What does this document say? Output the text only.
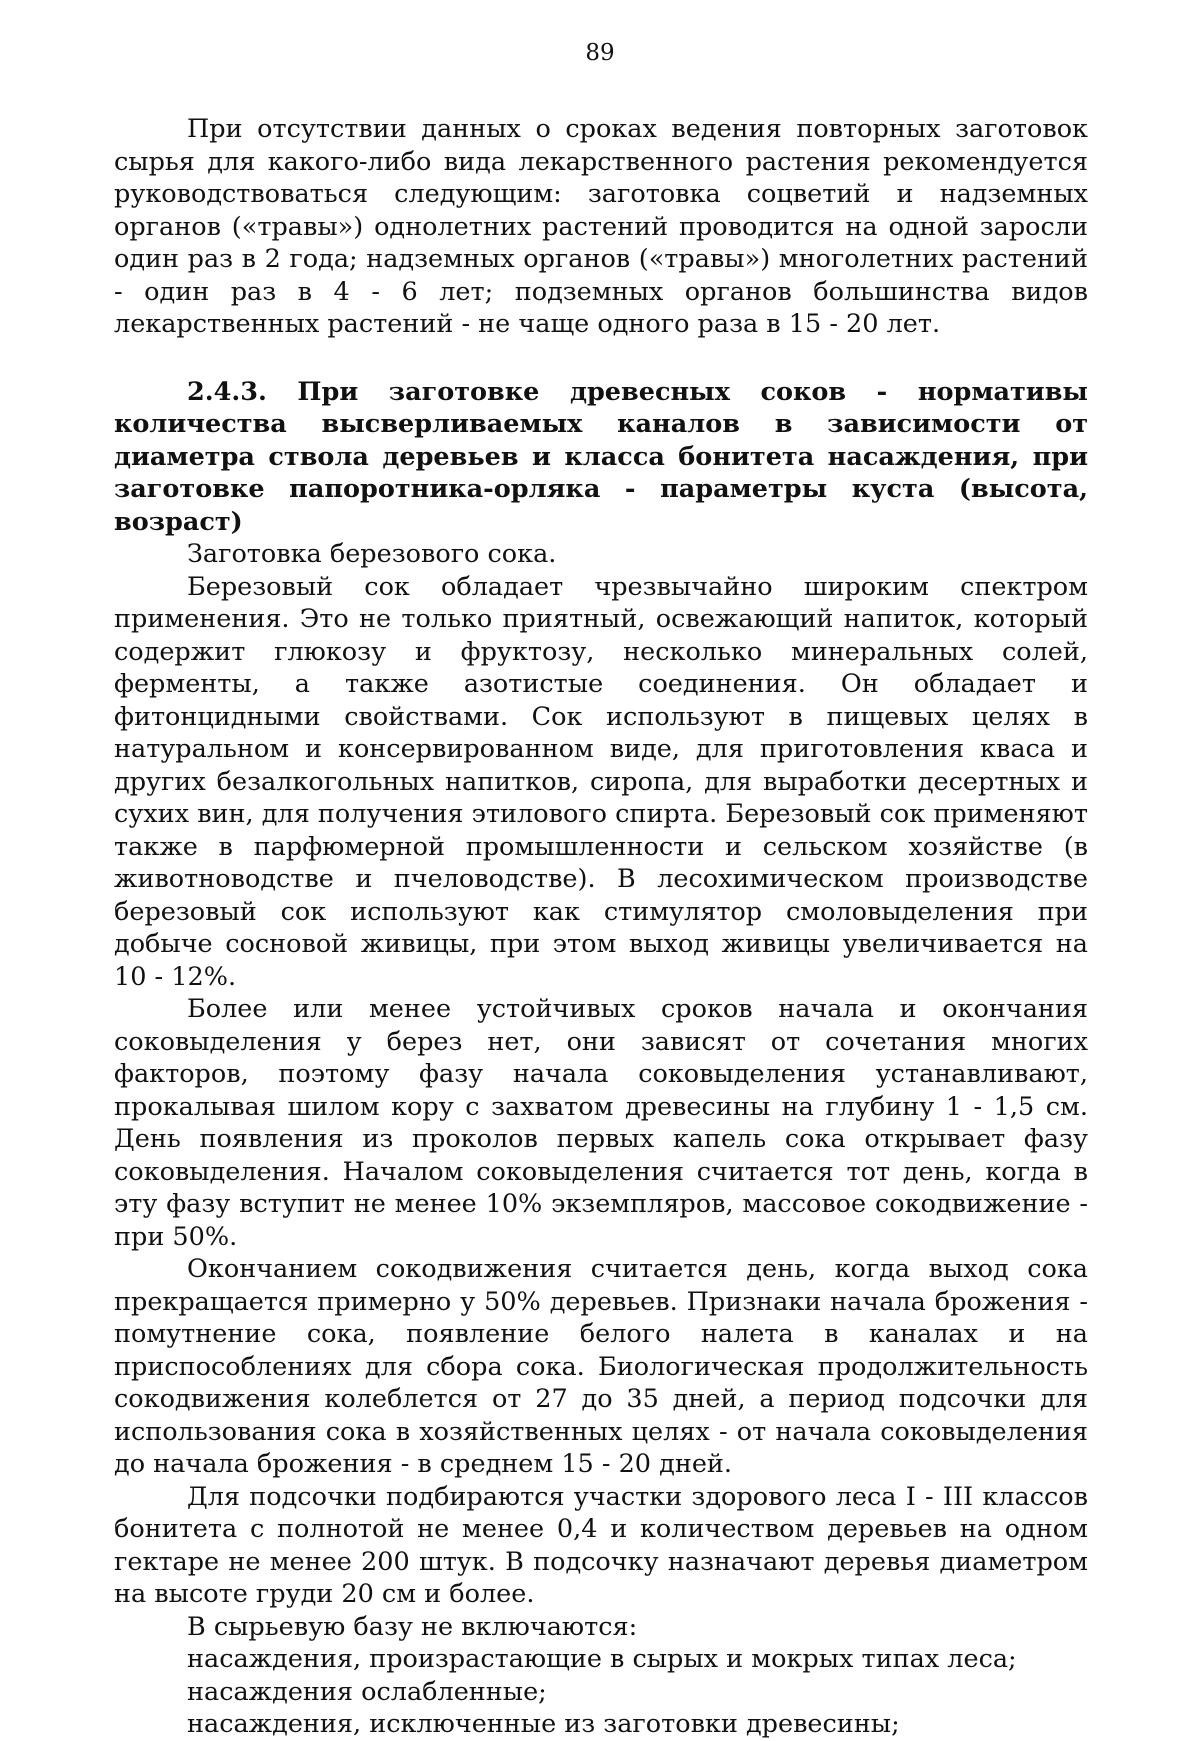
89

При отсутствии данных о сроках ведения повторных заготовок сырья для какого-либо вида лекарственного растения рекомендуется руководствоваться следующим: заготовка соцветий и надземных органов («травы») однолетних растений проводится на одной заросли один раз в 2 года; надземных органов («травы») многолетних растений - один раз в 4 - 6 лет; подземных органов большинства видов лекарственных растений - не чаще одного раза в 15 - 20 лет.

2.4.3. При заготовке древесных соков - нормативы количества высверливаемых каналов в зависимости от диаметра ствола деревьев и класса бонитета насаждения, при заготовке папоротника-орляка - параметры куста (высота, возраст)

Заготовка березового сока.

Березовый сок обладает чрезвычайно широким спектром применения. Это не только приятный, освежающий напиток, который содержит глюкозу и фруктозу, несколько минеральных солей, ферменты, а также азотистые соединения. Он обладает и фитонцидными свойствами. Сок используют в пищевых целях в натуральном и консервированном виде, для приготовления кваса и других безалкогольных напитков, сиропа, для выработки десертных и сухих вин, для получения этилового спирта. Березовый сок применяют также в парфюмерной промышленности и сельском хозяйстве (в животноводстве и пчеловодстве). В лесохимическом производстве березовый сок используют как стимулятор смоловыделения при добыче сосновой живицы, при этом выход живицы увеличивается на 10 - 12%.

Более или менее устойчивых сроков начала и окончания соковыделения у берез нет, они зависят от сочетания многих факторов, поэтому фазу начала соковыделения устанавливают, прокалывая шилом кору с захватом древесины на глубину 1 - 1,5 см. День появления из проколов первых капель сока открывает фазу соковыделения. Началом соковыделения считается тот день, когда в эту фазу вступит не менее 10% экземпляров, массовое сокодвижение - при 50%.

Окончанием сокодвижения считается день, когда выход сока прекращается примерно у 50% деревьев. Признаки начала брожения - помутнение сока, появление белого налета в каналах и на приспособлениях для сбора сока. Биологическая продолжительность сокодвижения колеблется от 27 до 35 дней, а период подсочки для использования сока в хозяйственных целях - от начала соковыделения до начала брожения - в среднем 15 - 20 дней.

Для подсочки подбираются участки здорового леса I - III классов бонитета с полнотой не менее 0,4 и количеством деревьев на одном гектаре не менее 200 штук. В подсочку назначают деревья диаметром на высоте груди 20 см и более.

В сырьевую базу не включаются:

насаждения, произрастающие в сырых и мокрых типах леса;

насаждения ослабленные;

насаждения, исключенные из заготовки древесины;
